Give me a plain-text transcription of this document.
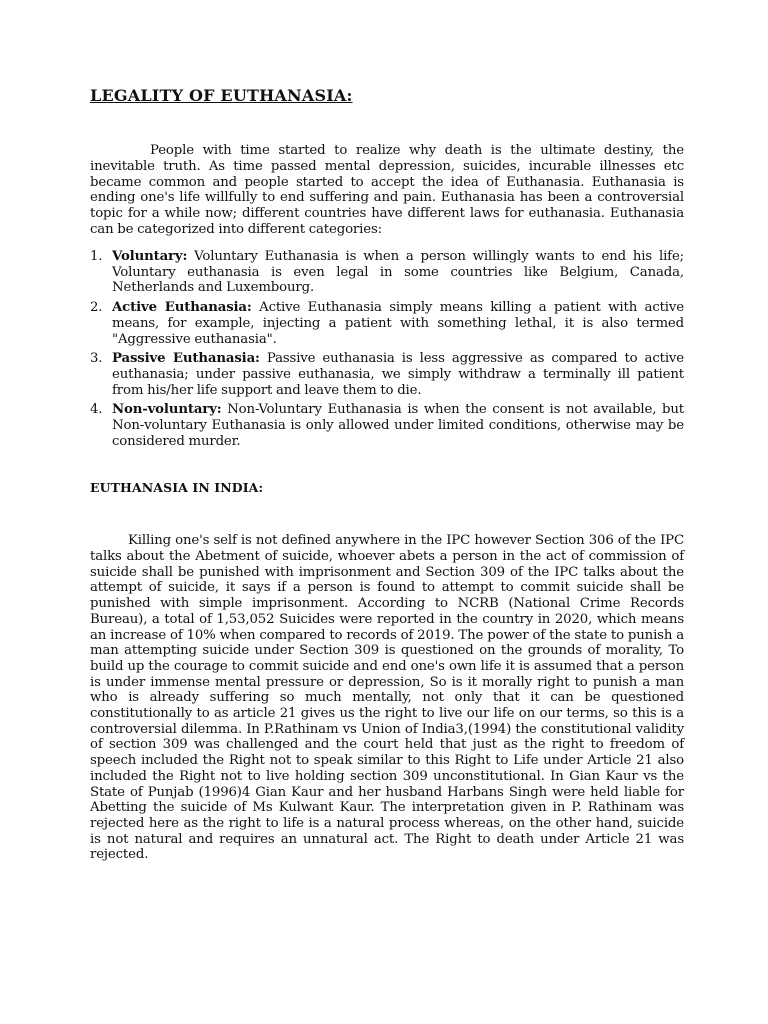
LEGALITY OF EUTHANASIA:

People with time started to realize why death is the ultimate destiny, the inevitable truth. As time passed mental depression, suicides, incurable illnesses etc became common and people started to accept the idea of Euthanasia. Euthanasia is ending one's life willfully to end suffering and pain. Euthanasia has been a controversial topic for a while now; different countries have different laws for euthanasia. Euthanasia can be categorized into different categories:

1. Voluntary: Voluntary Euthanasia is when a person willingly wants to end his life; Voluntary euthanasia is even legal in some countries like Belgium, Canada, Netherlands and Luxembourg.
2. Active Euthanasia: Active Euthanasia simply means killing a patient with active means, for example, injecting a patient with something lethal, it is also termed "Aggressive euthanasia".
3. Passive Euthanasia: Passive euthanasia is less aggressive as compared to active euthanasia; under passive euthanasia, we simply withdraw a terminally ill patient from his/her life support and leave them to die.
4. Non-voluntary: Non-Voluntary Euthanasia is when the consent is not available, but Non-voluntary Euthanasia is only allowed under limited conditions, otherwise may be considered murder.
EUTHANASIA IN INDIA:

Killing one's self is not defined anywhere in the IPC however Section 306 of the IPC talks about the Abetment of suicide, whoever abets a person in the act of commission of suicide shall be punished with imprisonment and Section 309 of the IPC talks about the attempt of suicide, it says if a person is found to attempt to commit suicide shall be punished with simple imprisonment. According to NCRB (National Crime Records Bureau), a total of 1,53,052 Suicides were reported in the country in 2020, which means an increase of 10% when compared to records of 2019. The power of the state to punish a man attempting suicide under Section 309 is questioned on the grounds of morality, To build up the courage to commit suicide and end one's own life it is assumed that a person is under immense mental pressure or depression, So is it morally right to punish a man who is already suffering so much mentally, not only that it can be questioned constitutionally to as article 21 gives us the right to live our life on our terms, so this is a controversial dilemma. In P.Rathinam vs Union of India3,(1994) the constitutional validity of section 309 was challenged and the court held that just as the right to freedom of speech included the Right not to speak similar to this Right to Life under Article 21 also included the Right not to live holding section 309 unconstitutional. In Gian Kaur vs the State of Punjab (1996)4 Gian Kaur and her husband Harbans Singh were held liable for Abetting the suicide of Ms Kulwant Kaur. The interpretation given in P. Rathinam was rejected here as the right to life is a natural process whereas, on the other hand, suicide is not natural and requires an unnatural act. The Right to death under Article 21 was rejected.
